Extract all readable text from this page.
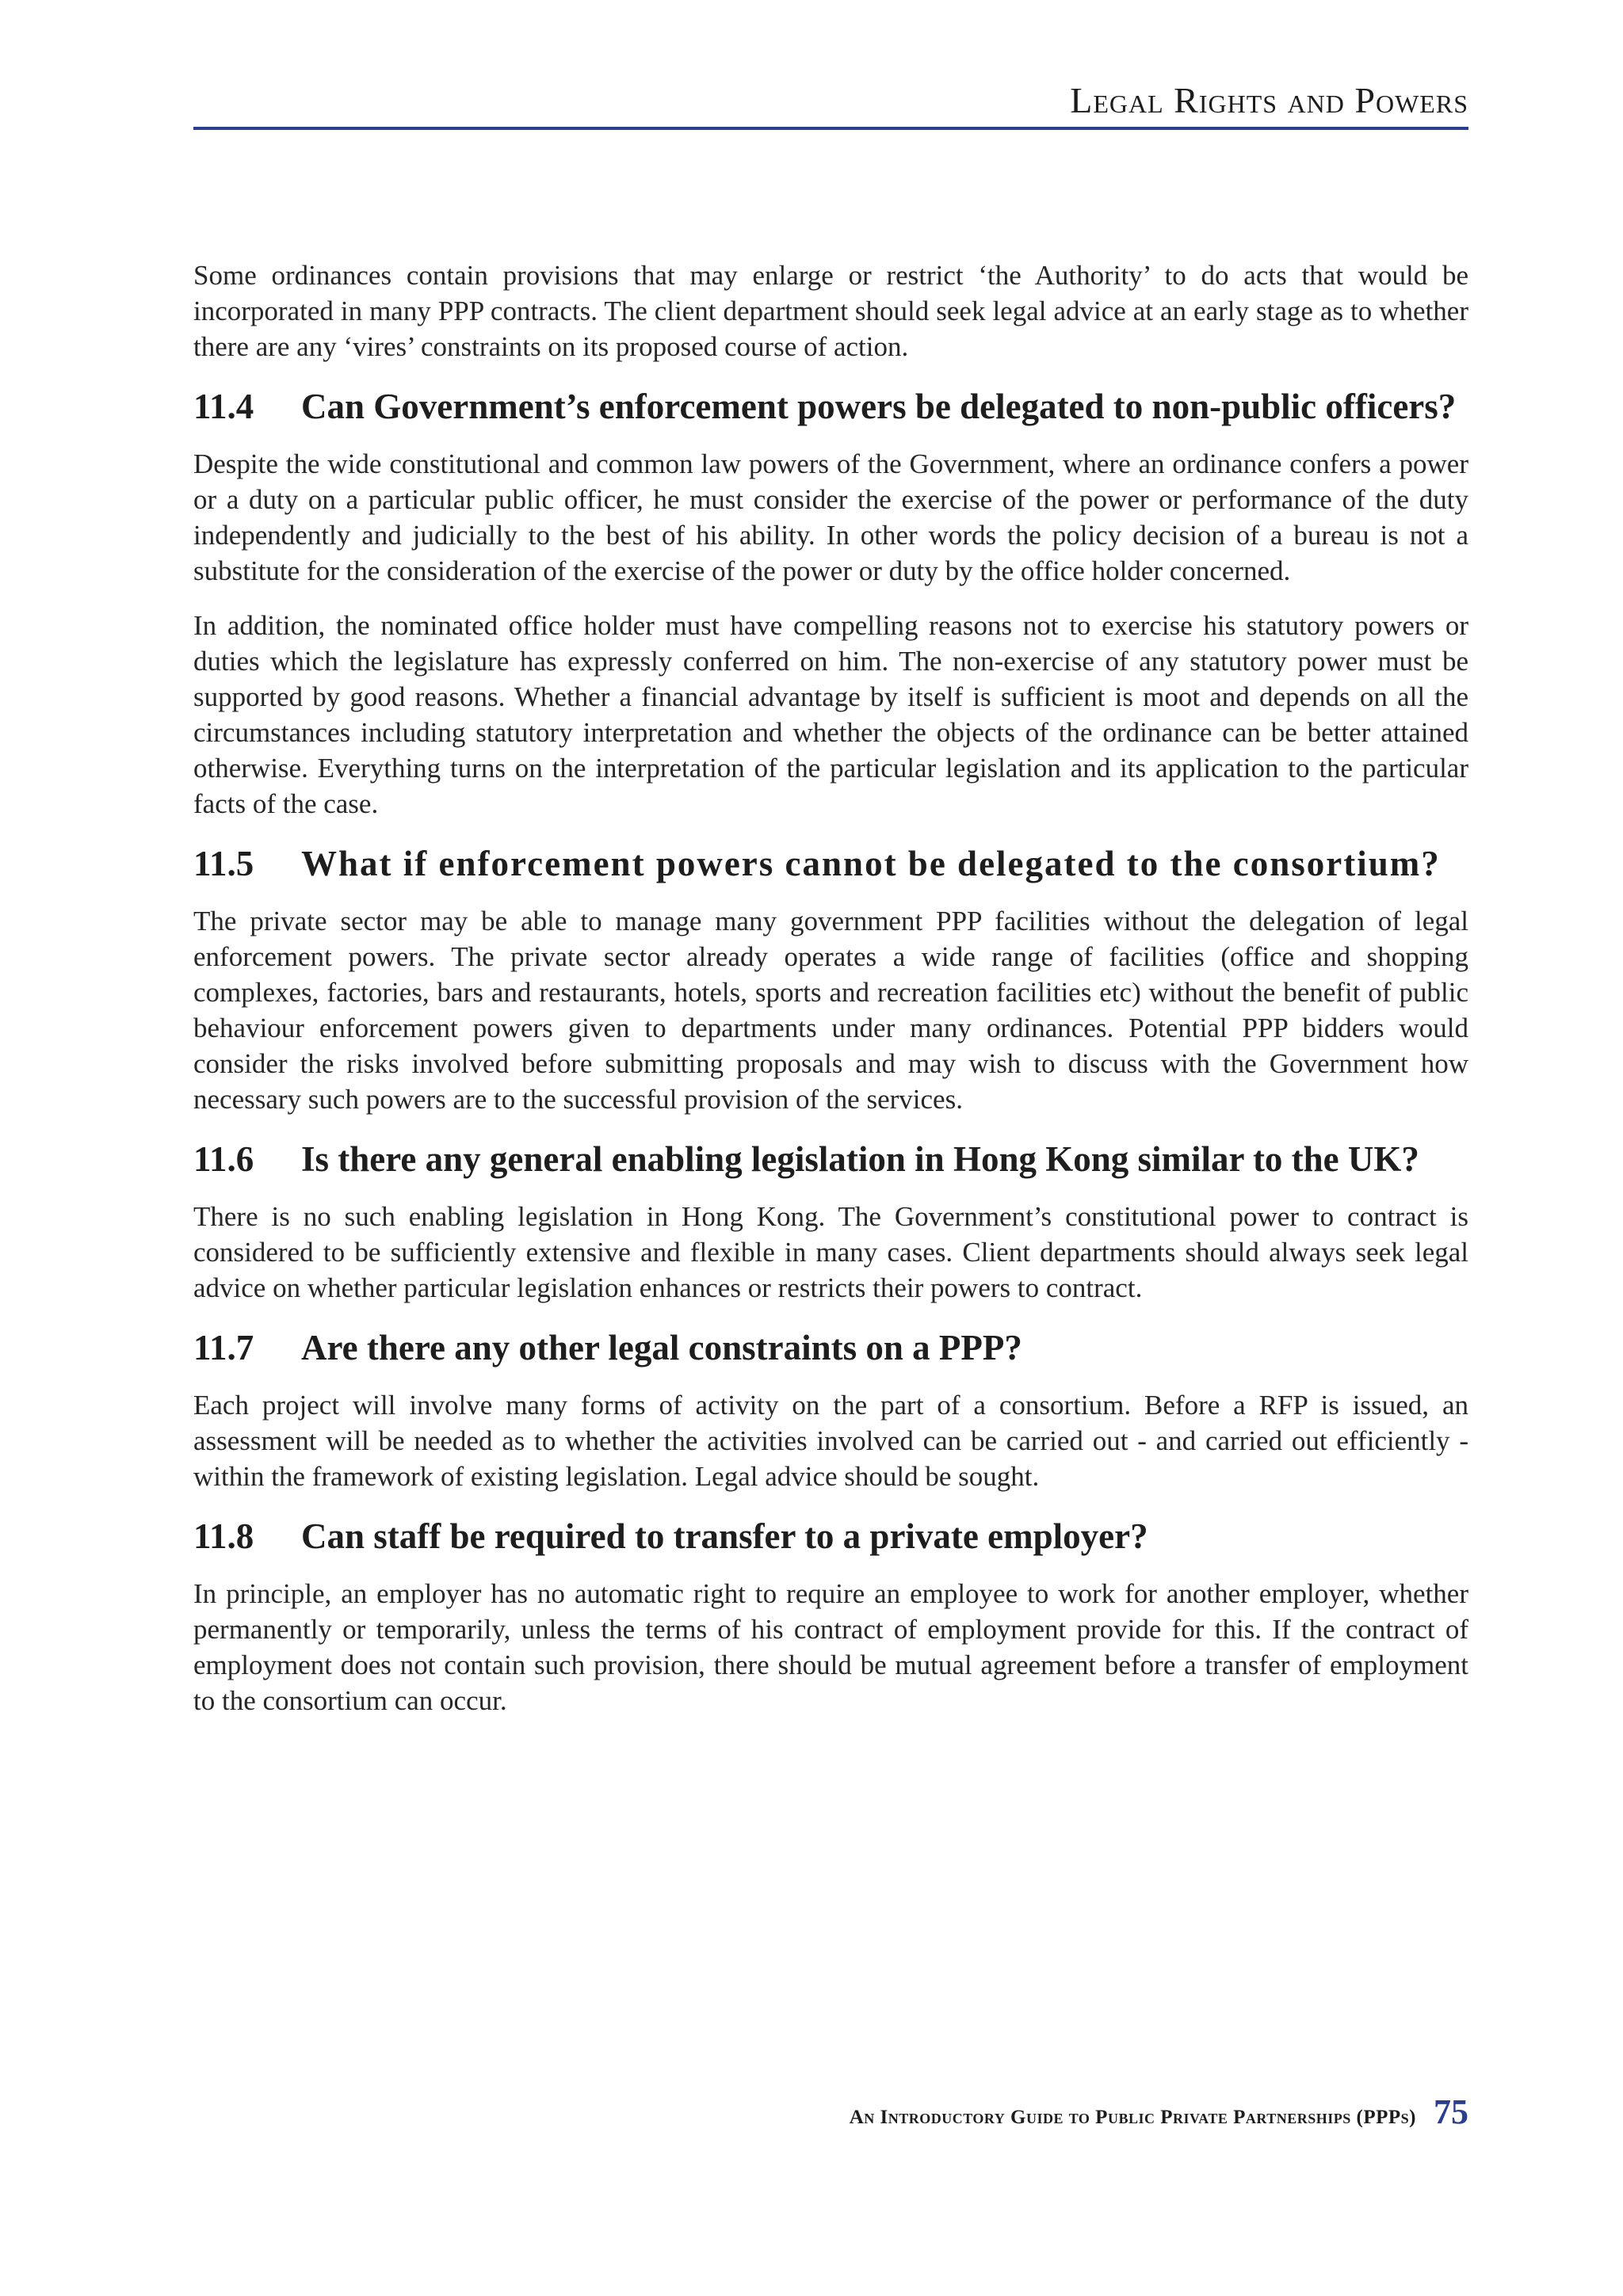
Legal Rights and Powers

Some ordinances contain provisions that may enlarge or restrict ‘the Authority’ to do acts that would be incorporated in many PPP contracts. The client department should seek legal advice at an early stage as to whether there are any ‘vires’ constraints on its proposed course of action.

11.4	Can Government’s enforcement powers be delegated to non-public officers?

Despite the wide constitutional and common law powers of the Government, where an ordinance confers a power or a duty on a particular public officer, he must consider the exercise of the power or performance of the duty independently and judicially to the best of his ability. In other words the policy decision of a bureau is not a substitute for the consideration of the exercise of the power or duty by the office holder concerned.

In addition, the nominated office holder must have compelling reasons not to exercise his statutory powers or duties which the legislature has expressly conferred on him. The non-exercise of any statutory power must be supported by good reasons. Whether a financial advantage by itself is sufficient is moot and depends on all the circumstances including statutory interpretation and whether the objects of the ordinance can be better attained otherwise. Everything turns on the interpretation of the particular legislation and its application to the particular facts of the case.

11.5	What if enforcement powers cannot be delegated to the consortium?

The private sector may be able to manage many government PPP facilities without the delegation of legal enforcement powers. The private sector already operates a wide range of facilities (office and shopping complexes, factories, bars and restaurants, hotels, sports and recreation facilities etc) without the benefit of public behaviour enforcement powers given to departments under many ordinances. Potential PPP bidders would consider the risks involved before submitting proposals and may wish to discuss with the Government how necessary such powers are to the successful provision of the services.

11.6	Is there any general enabling legislation in Hong Kong similar to the UK?

There is no such enabling legislation in Hong Kong. The Government’s constitutional power to contract is considered to be sufficiently extensive and flexible in many cases. Client departments should always seek legal advice on whether particular legislation enhances or restricts their powers to contract.

11.7	Are there any other legal constraints on a PPP?

Each project will involve many forms of activity on the part of a consortium. Before a RFP is issued, an assessment will be needed as to whether the activities involved can be carried out - and carried out efficiently - within the framework of existing legislation. Legal advice should be sought.

11.8	Can staff be required to transfer to a private employer?

In principle, an employer has no automatic right to require an employee to work for another employer, whether permanently or temporarily, unless the terms of his contract of employment provide for this. If the contract of employment does not contain such provision, there should be mutual agreement before a transfer of employment to the consortium can occur.

An Introductory Guide to Public Private Partnerships (PPPs) 75
